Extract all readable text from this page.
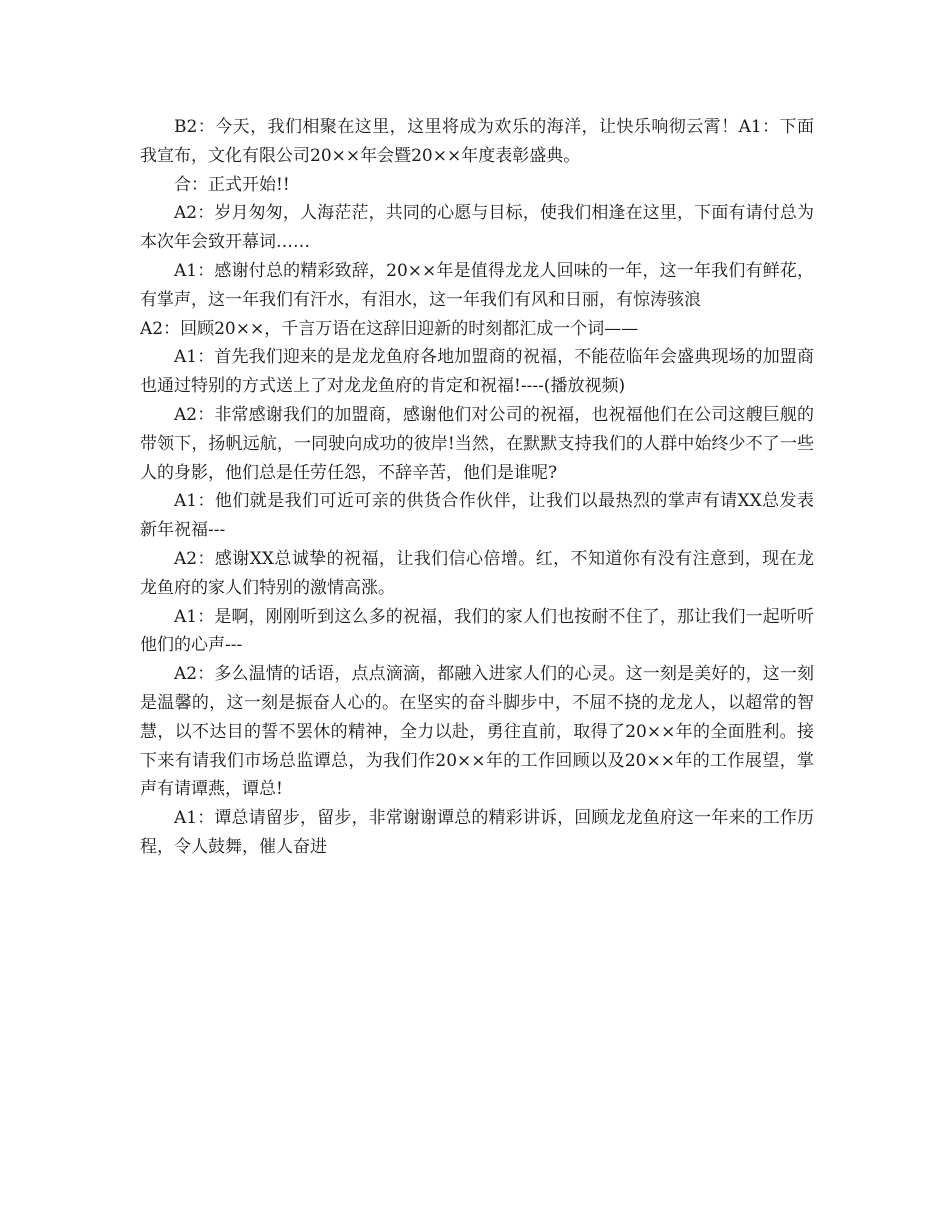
B2：今天，我们相聚在这里，这里将成为欢乐的海洋，让快乐响彻云霄！A1：下面我宣布，文化有限公司20××年会暨20××年度表彰盛典。

合：正式开始!!

A2：岁月匆匆，人海茫茫，共同的心愿与目标，使我们相逢在这里，下面有请付总为本次年会致开幕词……

A1：感谢付总的精彩致辞，20××年是值得龙龙人回味的一年，这一年我们有鲜花，有掌声，这一年我们有汗水，有泪水，这一年我们有风和日丽，有惊涛骇浪

A2：回顾20××，千言万语在这辞旧迎新的时刻都汇成一个词——

A1：首先我们迎来的是龙龙鱼府各地加盟商的祝福，不能莅临年会盛典现场的加盟商也通过特别的方式送上了对龙龙鱼府的肯定和祝福!----(播放视频)

A2：非常感谢我们的加盟商，感谢他们对公司的祝福，也祝福他们在公司这艘巨舰的带领下，扬帆远航，一同驶向成功的彼岸!当然，在默默支持我们的人群中始终少不了一些人的身影，他们总是任劳任怨，不辞辛苦，他们是谁呢?

A1：他们就是我们可近可亲的供货合作伙伴，让我们以最热烈的掌声有请XX总发表新年祝福---

A2：感谢XX总诚挚的祝福，让我们信心倍增。红，不知道你有没有注意到，现在龙龙鱼府的家人们特别的激情高涨。

A1：是啊，刚刚听到这么多的祝福，我们的家人们也按耐不住了，那让我们一起听听他们的心声---

A2：多么温情的话语，点点滴滴，都融入进家人们的心灵。这一刻是美好的，这一刻是温馨的，这一刻是振奋人心的。在坚实的奋斗脚步中，不屈不挠的龙龙人，以超常的智慧，以不达目的誓不罢休的精神，全力以赴，勇往直前，取得了20××年的全面胜利。接下来有请我们市场总监谭总，为我们作20××年的工作回顾以及20××年的工作展望，掌声有请谭燕，谭总!

A1：谭总请留步，留步，非常谢谢谭总的精彩讲诉，回顾龙龙鱼府这一年来的工作历程，令人鼓舞，催人奋进
